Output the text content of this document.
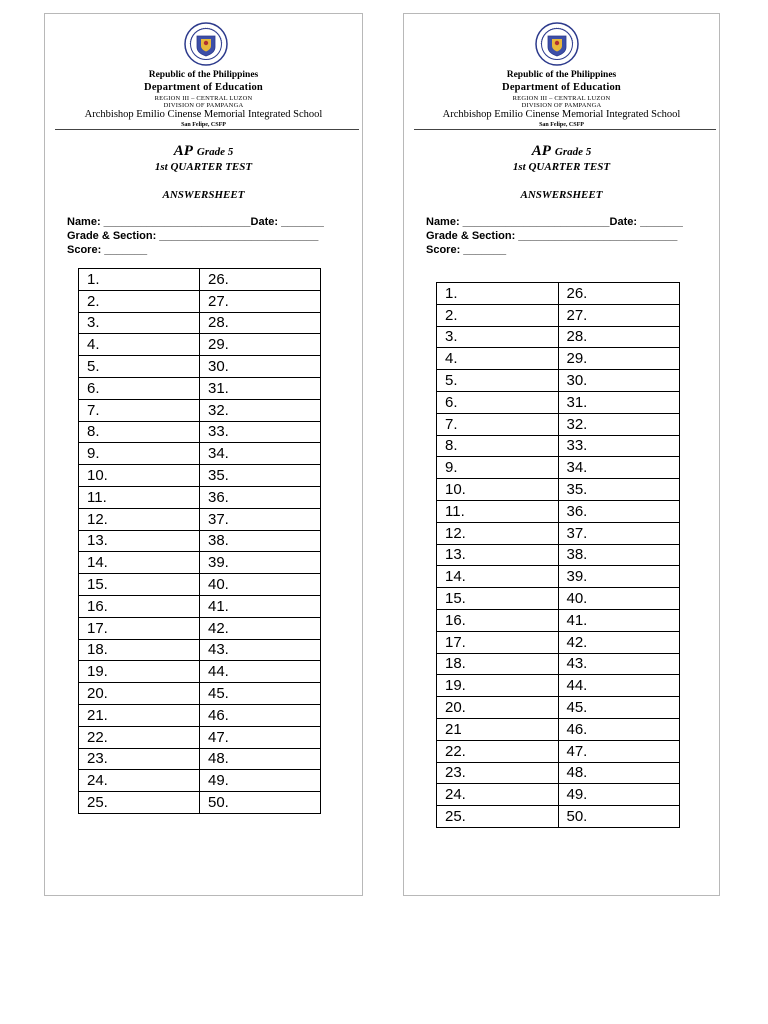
Republic of the Philippines
Department of Education
REGION III – CENTRAL LUZON
DIVISION OF PAMPANGA
Archbishop Emilio Cinense Memorial Integrated School
San Felipe, CSFP
AP Grade 5
1st QUARTER TEST
ANSWERSHEET
Name: ________________________Date: _______
Grade & Section: __________________________
Score: _______
1.	26.
2.	27.
3.	28.
4.	29.
5.	30.
6.	31.
7.	32.
8.	33.
9.	34.
10.	35.
11.	36.
12.	37.
13.	38.
14.	39.
15.	40.
16.	41.
17.	42.
18.	43.
19.	44.
20.	45.
21.	46.
22.	47.
23.	48.
24.	49.
25.	50.
Republic of the Philippines
Department of Education
REGION III – CENTRAL LUZON
DIVISION OF PAMPANGA
Archbishop Emilio Cinense Memorial Integrated School
San Felipe, CSFP
AP Grade 5
1st QUARTER TEST
ANSWERSHEET
Name: ________________________Date: _______
Grade & Section: __________________________
Score: _______
1.	26.
2.	27.
3.	28.
4.	29.
5.	30.
6.	31.
7.	32.
8.	33.
9.	34.
10.	35.
11.	36.
12.	37.
13.	38.
14.	39.
15.	40.
16.	41.
17.	42.
18.	43.
19.	44.
20.	45.
21	46.
22.	47.
23.	48.
24.	49.
25.	50.
